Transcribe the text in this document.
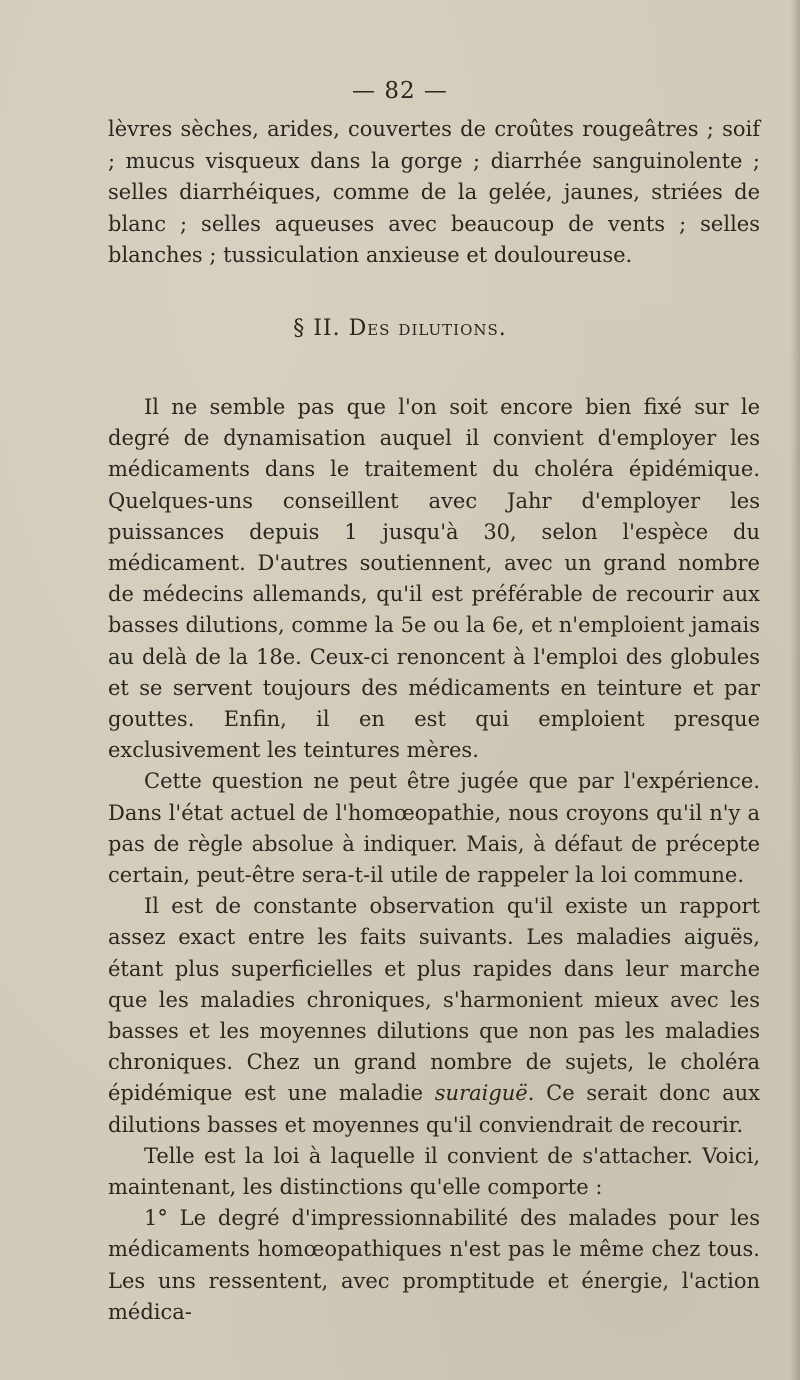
— 82 —

lèvres sèches, arides, couvertes de croûtes rougeâtres ; soif ; mucus visqueux dans la gorge ; diarrhée sanguinolente ; selles diarrhéiques, comme de la gelée, jaunes, striées de blanc ; selles aqueuses avec beaucoup de vents ; selles blanches ; tussiculation anxieuse et douloureuse.

§ II. Des dilutions.

Il ne semble pas que l'on soit encore bien fixé sur le degré de dynamisation auquel il convient d'employer les médicaments dans le traitement du choléra épidémique. Quelques-uns conseillent avec Jahr d'employer les puissances depuis 1 jusqu'à 30, selon l'espèce du médicament. D'autres soutiennent, avec un grand nombre de médecins allemands, qu'il est préférable de recourir aux basses dilutions, comme la 5e ou la 6e, et n'emploient jamais au delà de la 18e. Ceux-ci renoncent à l'emploi des globules et se servent toujours des médicaments en teinture et par gouttes. Enfin, il en est qui emploient presque exclusivement les teintures mères.

Cette question ne peut être jugée que par l'expérience. Dans l'état actuel de l'homœopathie, nous croyons qu'il n'y a pas de règle absolue à indiquer. Mais, à défaut de précepte certain, peut-être sera-t-il utile de rappeler la loi commune.

Il est de constante observation qu'il existe un rapport assez exact entre les faits suivants. Les maladies aiguës, étant plus superficielles et plus rapides dans leur marche que les maladies chroniques, s'harmonient mieux avec les basses et les moyennes dilutions que non pas les maladies chroniques. Chez un grand nombre de sujets, le choléra épidémique est une maladie suraiguë. Ce serait donc aux dilutions basses et moyennes qu'il conviendrait de recourir.

Telle est la loi à laquelle il convient de s'attacher. Voici, maintenant, les distinctions qu'elle comporte :

1° Le degré d'impressionnabilité des malades pour les médicaments homœopathiques n'est pas le même chez tous. Les uns ressentent, avec promptitude et énergie, l'action médica-
